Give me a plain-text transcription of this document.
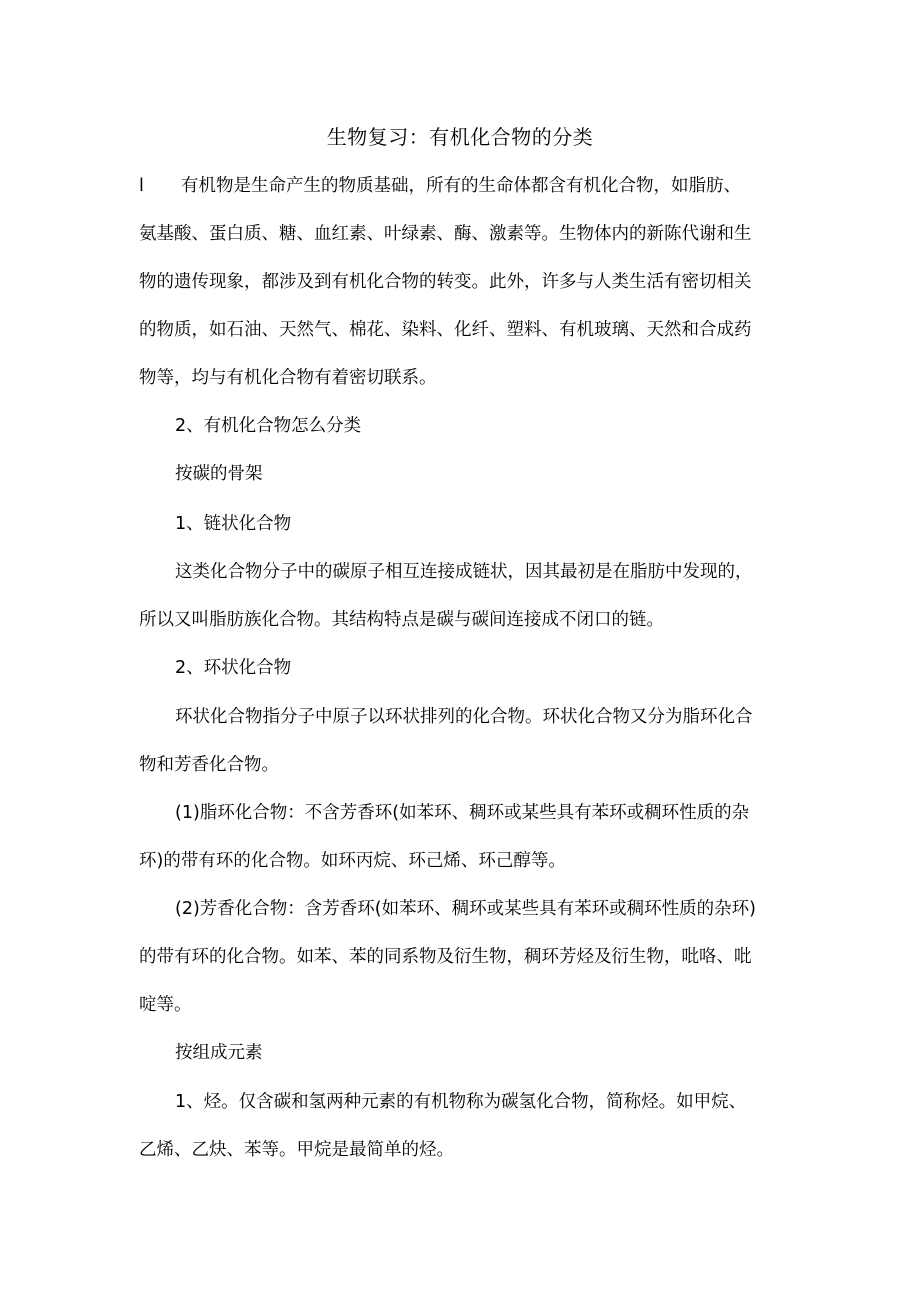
生物复习：有机化合物的分类
l 有机物是生命产生的物质基础，所有的生命体都含有机化合物，如脂肪、
氨基酸、蛋白质、糖、血红素、叶绿素、酶、激素等。生物体内的新陈代谢和生
物的遗传现象，都涉及到有机化合物的转变。此外，许多与人类生活有密切相关
的物质，如石油、天然气、棉花、染料、化纤、塑料、有机玻璃、天然和合成药
物等，均与有机化合物有着密切联系。
2、有机化合物怎么分类
按碳的骨架
1、链状化合物
这类化合物分子中的碳原子相互连接成链状，因其最初是在脂肪中发现的，
所以又叫脂肪族化合物。其结构特点是碳与碳间连接成不闭口的链。
2、环状化合物
环状化合物指分子中原子以环状排列的化合物。环状化合物又分为脂环化合
物和芳香化合物。
(1)脂环化合物：不含芳香环(如苯环、稠环或某些具有苯环或稠环性质的杂
环)的带有环的化合物。如环丙烷、环己烯、环己醇等。
(2)芳香化合物：含芳香环(如苯环、稠环或某些具有苯环或稠环性质的杂环)
的带有环的化合物。如苯、苯的同系物及衍生物，稠环芳烃及衍生物，吡咯、吡
啶等。
按组成元素
1、烃。仅含碳和氢两种元素的有机物称为碳氢化合物，简称烃。如甲烷、
乙烯、乙炔、苯等。甲烷是最简单的烃。
